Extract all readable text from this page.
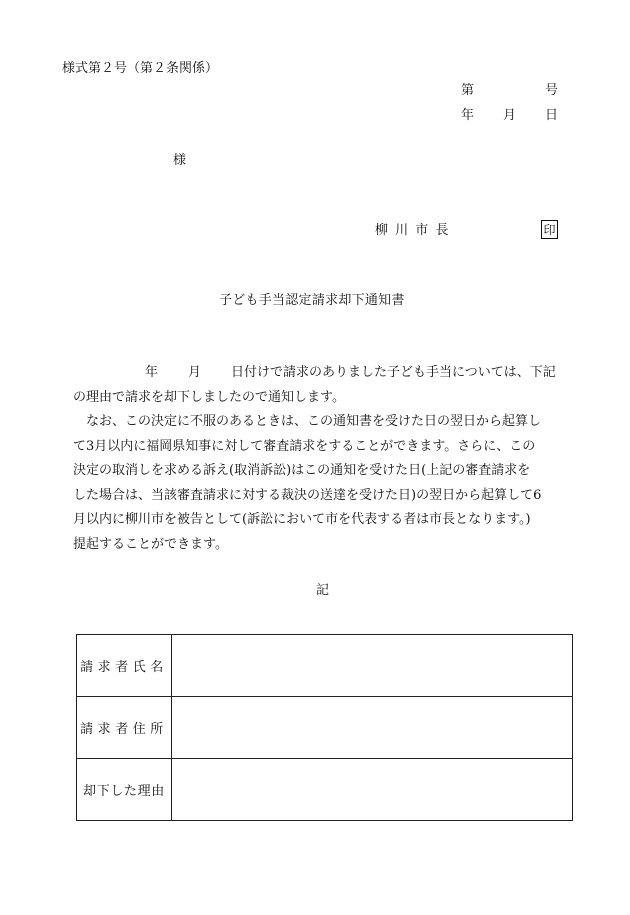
様式第２号（第２条関係）
第	号
年 月 日
様
柳川市長	印
子ども手当認定請求却下通知書

年 月 日付けで請求のありました子ども手当については、下記

の理由で請求を却下しましたので通知します。

なお、この決定に不服のあるときは、この通知書を受けた日の翌日から起算し

て3月以内に福岡県知事に対して審査請求をすることができます。さらに、この

決定の取消しを求める訴え(取消訴訟)はこの通知を受けた日(上記の審査請求を

した場合は、当該審査請求に対する裁決の送達を受けた日)の翌日から起算して6

月以内に柳川市を被告として(訴訟において市を代表する者は市長となります。)

提起することができます。

記
請求者氏名	
請求者住所	
却下した理由	
